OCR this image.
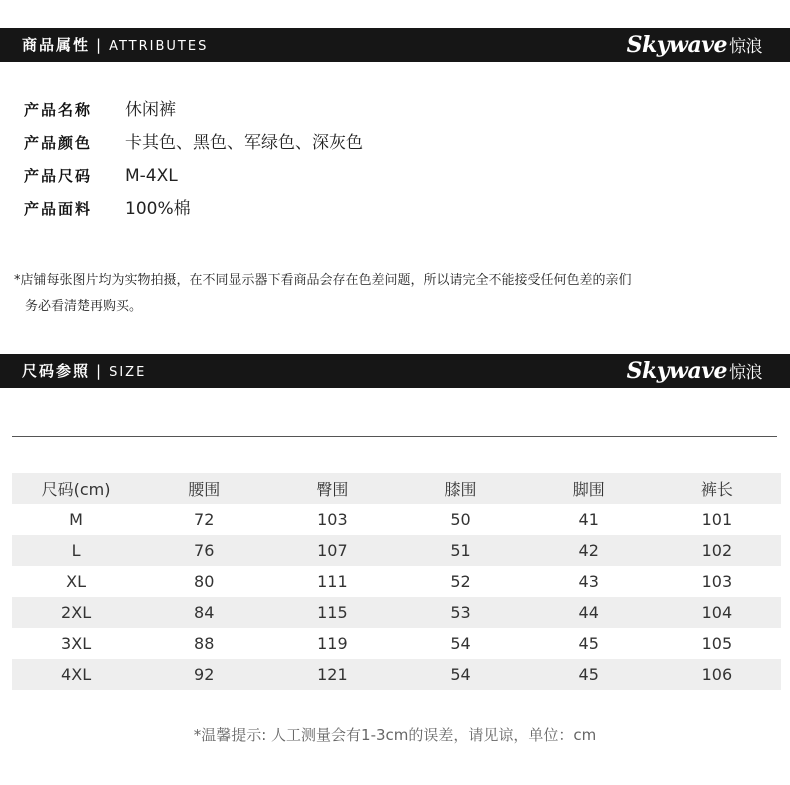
商品属性 | ATTRIBUTES	Skywave 惊浪
产品名称 休闲裤
产品颜色 卡其色、黑色、军绿色、深灰色
产品尺码 M-4XL
产品面料 100%棉
*店铺每张图片均为实物拍摄，在不同显示器下看商品会存在色差问题，所以请完全不能接受任何色差的亲们
务必看清楚再购买。
尺码参照 | SIZE	Skywave 惊浪
尺码(cm)	腰围	臀围	膝围	脚围	裤长
M	72	103	50	41	101
L	76	107	51	42	102
XL	80	111	52	43	103
2XL	84	115	53	44	104
3XL	88	119	54	45	105
4XL	92	121	54	45	106
*温馨提示: 人工测量会有1-3cm的误差，请见谅，单位：cm
